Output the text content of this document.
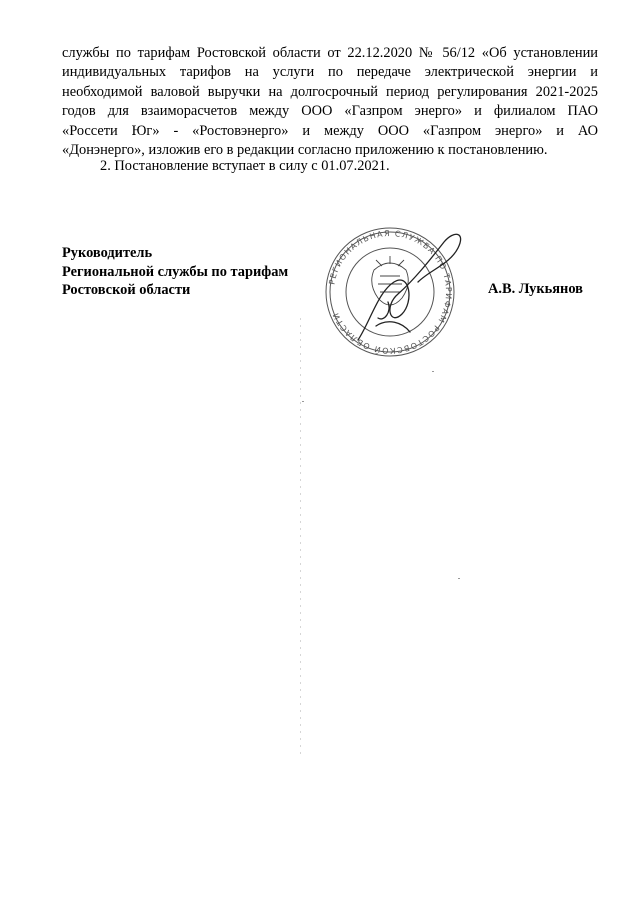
службы по тарифам Ростовской области от 22.12.2020 № 56/12 «Об установлении
индивидуальных тарифов на услуги по передаче электрической энергии и
необходимой валовой выручки на долгосрочный период регулирования 2021-2025
годов для взаиморасчетов между ООО «Газпром энерго» и филиалом ПАО
«Россети Юг» - «Ростовэнерго» и между ООО «Газпром энерго» и АО
«Донэнерго», изложив его в редакции согласно приложению к постановлению.

2. Постановление вступает в силу с 01.07.2021.

Руководитель
Региональной службы по тарифам
Ростовской области	А.В. Лукьянов
РЕГИОНАЛЬНАЯ СЛУЖБА ПО ТАРИФАМ РОСТОВСКОЙ ОБЛАСТИ
